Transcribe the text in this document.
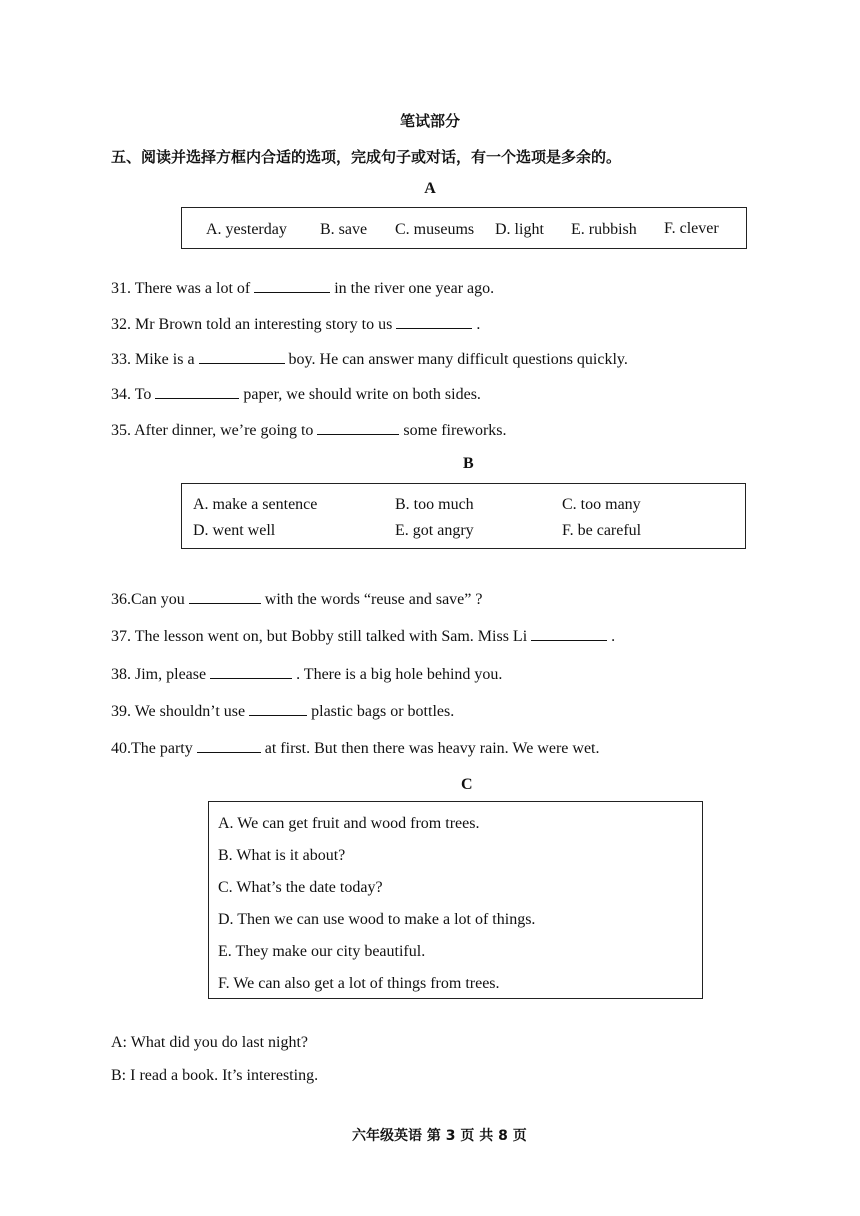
笔试部分
五、阅读并选择方框内合适的选项，完成句子或对话，有一个选项是多余的。
A
A. yesterday B. save C. museums D. light E. rubbish F. clever
31. There was a lot of	in the river one year ago.
32. Mr Brown told an interesting story to us	.
33. Mike is a	boy. He can answer many difficult questions quickly.
34. To	paper, we should write on both sides.
35. After dinner, we’re going to	some fireworks.
B
A. make a sentence	B. too much	C. too many
D. went well	E. got angry	F. be careful
36.Can you	with the words “reuse and save” ?
37. The lesson went on, but Bobby still talked with Sam. Miss Li	.
38. Jim, please	. There is a big hole behind you.
39. We shouldn’t use	plastic bags or bottles.
40.The party	at first. But then there was heavy rain. We were wet.
C
A. We can get fruit and wood from trees.
B. What is it about?
C. What’s the date today?
D. Then we can use wood to make a lot of things.
E. They make our city beautiful.
F. We can also get a lot of things from trees.
A: What did you do last night?
B: I read a book. It’s interesting.
六年级英语 第 3 页 共 8 页
